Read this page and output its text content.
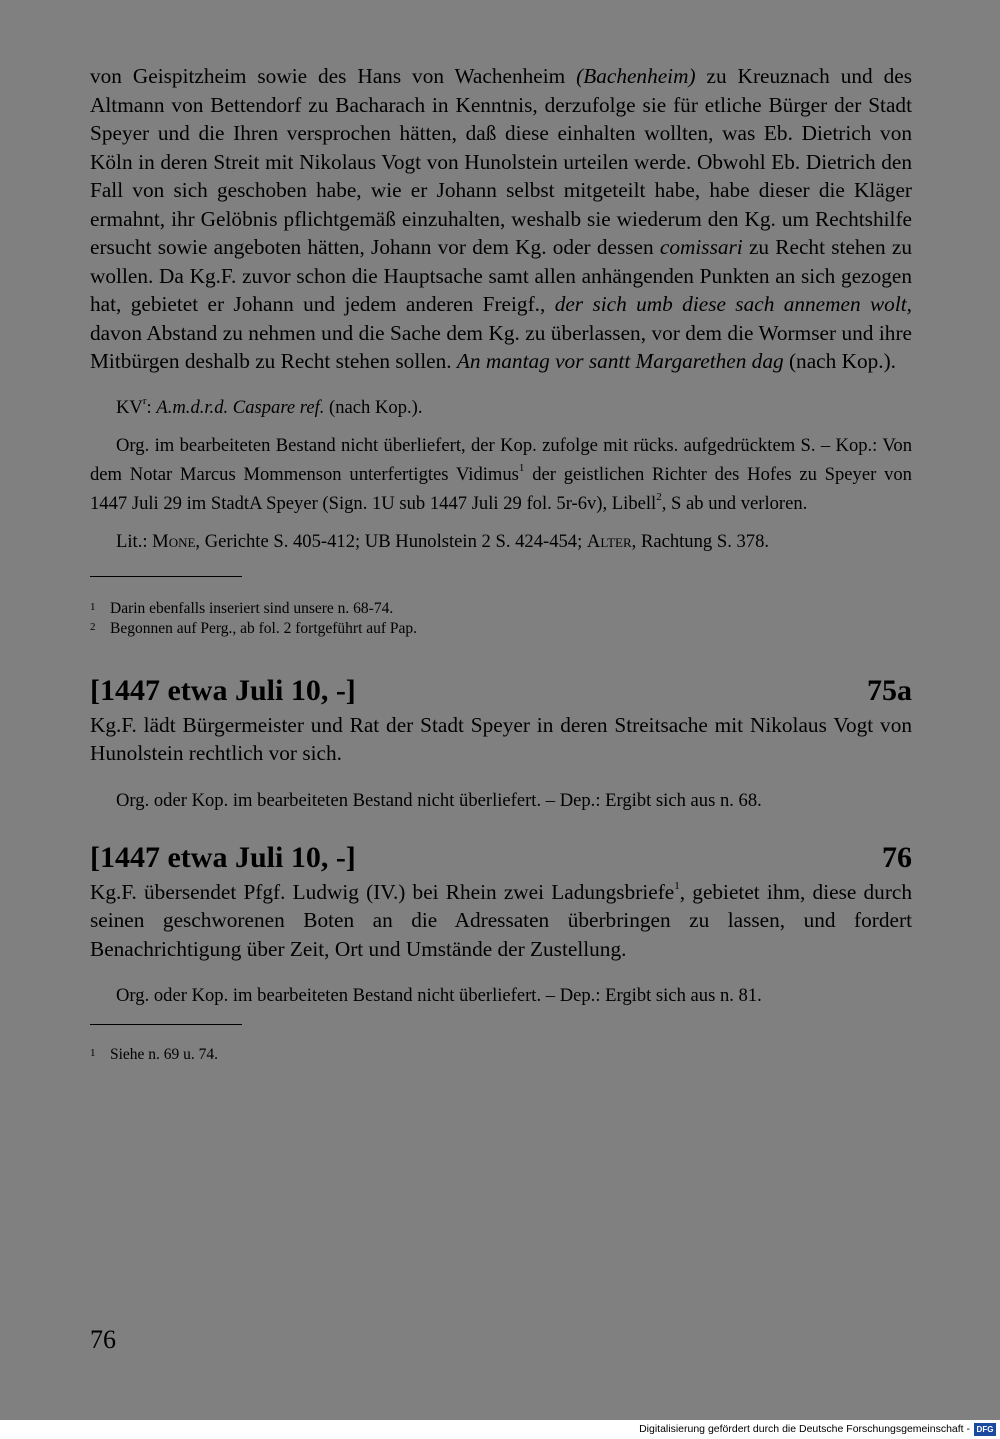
von Geispitzheim sowie des Hans von Wachenheim (Bachenheim) zu Kreuznach und des Altmann von Bettendorf zu Bacharach in Kenntnis, derzufolge sie für etliche Bürger der Stadt Speyer und die Ihren versprochen hätten, daß diese einhalten wollten, was Eb. Dietrich von Köln in deren Streit mit Nikolaus Vogt von Hunolstein urteilen werde. Obwohl Eb. Dietrich den Fall von sich geschoben habe, wie er Johann selbst mitgeteilt habe, habe dieser die Kläger ermahnt, ihr Gelöbnis pflichtgemäß einzuhalten, weshalb sie wiederum den Kg. um Rechtshilfe ersucht sowie angeboten hätten, Johann vor dem Kg. oder dessen comissari zu Recht stehen zu wollen. Da Kg.F. zuvor schon die Hauptsache samt allen anhängenden Punkten an sich gezogen hat, gebietet er Johann und jedem anderen Freigf., der sich umb diese sach annemen wolt, davon Abstand zu nehmen und die Sache dem Kg. zu überlassen, vor dem die Wormser und ihre Mitbürgen deshalb zu Recht stehen sollen. An mantag vor santt Margarethen dag (nach Kop.).

$KV^r$: A.m.d.r.d. Caspare ref. (nach Kop.).

Org. im bearbeiteten Bestand nicht überliefert, der Kop. zufolge mit rücks. aufgedrücktem S. – Kop.: Von dem Notar Marcus Mommenson unterfertigtes Vidimus$^1$ der geistlichen Richter des Hofes zu Speyer von 1447 Juli 29 im StadtA Speyer (Sign. 1U sub 1447 Juli 29 fol. 5r-6v), Libell$^2$, S ab und verloren.

Lit.: Mone, Gerichte S. 405-412; UB Hunolstein 2 S. 424-454; Alter, Rachtung S. 378.

1 Darin ebenfalls inseriert sind unsere n. 68-74.

2 Begonnen auf Perg., ab fol. 2 fortgeführt auf Pap.

[1447 etwa Juli 10, -]	75a

Kg.F. lädt Bürgermeister und Rat der Stadt Speyer in deren Streitsache mit Nikolaus Vogt von Hunolstein rechtlich vor sich.

Org. oder Kop. im bearbeiteten Bestand nicht überliefert. – Dep.: Ergibt sich aus n. 68.

[1447 etwa Juli 10, -]	76

Kg.F. übersendet Pfgf. Ludwig (IV.) bei Rhein zwei Ladungsbriefe$^1$, gebietet ihm, diese durch seinen geschworenen Boten an die Adressaten überbringen zu lassen, und fordert Benachrichtigung über Zeit, Ort und Umstände der Zustellung.

Org. oder Kop. im bearbeiteten Bestand nicht überliefert. – Dep.: Ergibt sich aus n. 81.

1 Siehe n. 69 u. 74.

76
Digitalisierung gefördert durch die Deutsche Forschungsgemeinschaft - DFG
